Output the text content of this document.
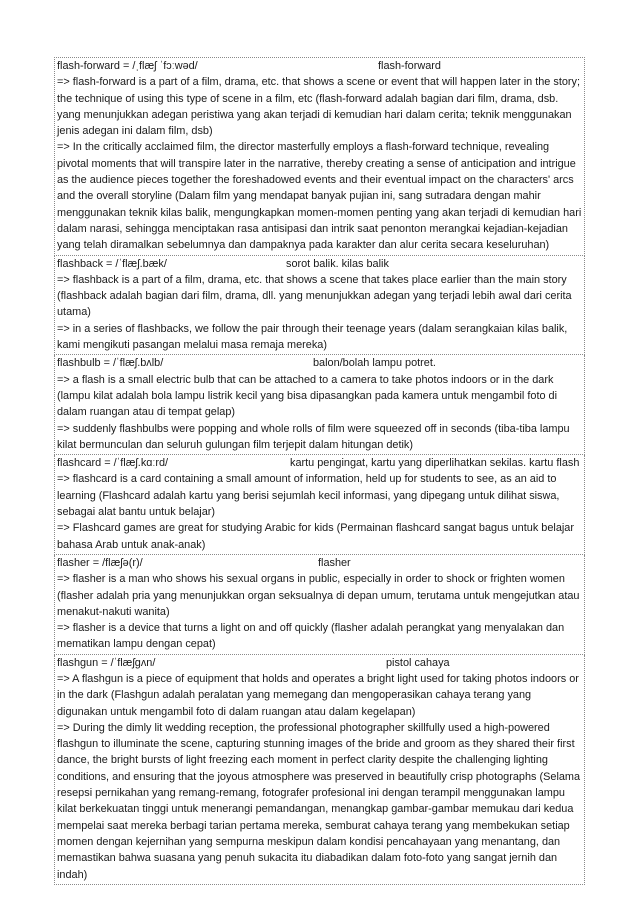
flash-forward = /ˌflæʃ ˈfɔːwəd/	flash-forward

=> flash-forward is a part of a film, drama, etc. that shows a scene or event that will happen later in the story; the technique of using this type of scene in a film, etc (flash-forward adalah bagian dari film, drama, dsb. yang menunjukkan adegan peristiwa yang akan terjadi di kemudian hari dalam cerita; teknik menggunakan jenis adegan ini dalam film, dsb)

=> In the critically acclaimed film, the director masterfully employs a flash-forward technique, revealing pivotal moments that will transpire later in the narrative, thereby creating a sense of anticipation and intrigue as the audience pieces together the foreshadowed events and their eventual impact on the characters' arcs and the overall storyline (Dalam film yang mendapat banyak pujian ini, sang sutradara dengan mahir menggunakan teknik kilas balik, mengungkapkan momen-momen penting yang akan terjadi di kemudian hari dalam narasi, sehingga menciptakan rasa antisipasi dan intrik saat penonton merangkai kejadian-kejadian yang telah diramalkan sebelumnya dan dampaknya pada karakter dan alur cerita secara keseluruhan)

flashback = /ˈflæʃ.bæk/	sorot balik. kilas balik

=> flashback is a part of a film, drama, etc. that shows a scene that takes place earlier than the main story (flashback adalah bagian dari film, drama, dll. yang menunjukkan adegan yang terjadi lebih awal dari cerita utama)

=> in a series of flashbacks, we follow the pair through their teenage years (dalam serangkaian kilas balik, kami mengikuti pasangan melalui masa remaja mereka)

flashbulb = /ˈflæʃ.bʌlb/	balon/bolah lampu potret.

=> a flash is a small electric bulb that can be attached to a camera to take photos indoors or in the dark (lampu kilat adalah bola lampu listrik kecil yang bisa dipasangkan pada kamera untuk mengambil foto di dalam ruangan atau di tempat gelap)

=> suddenly flashbulbs were popping and whole rolls of film were squeezed off in seconds (tiba-tiba lampu kilat bermunculan dan seluruh gulungan film terjepit dalam hitungan detik)

flashcard = /ˈflæʃ.kɑːrd/	kartu pengingat, kartu yang diperlihatkan sekilas. kartu flash

=> flashcard is a card containing a small amount of information, held up for students to see, as an aid to learning (Flashcard adalah kartu yang berisi sejumlah kecil informasi, yang dipegang untuk dilihat siswa, sebagai alat bantu untuk belajar)

=> Flashcard games are great for studying Arabic for kids (Permainan flashcard sangat bagus untuk belajar bahasa Arab untuk anak-anak)

flasher = /flæʃə(r)/	flasher

=> flasher is a man who shows his sexual organs in public, especially in order to shock or frighten women (flasher adalah pria yang menunjukkan organ seksualnya di depan umum, terutama untuk mengejutkan atau menakut-nakuti wanita)

=> flasher is a device that turns a light on and off quickly (flasher adalah perangkat yang menyalakan dan mematikan lampu dengan cepat)

flashgun = /ˈflæʃɡʌn/	pistol cahaya

=> A flashgun is a piece of equipment that holds and operates a bright light used for taking photos indoors or in the dark (Flashgun adalah peralatan yang memegang dan mengoperasikan cahaya terang yang digunakan untuk mengambil foto di dalam ruangan atau dalam kegelapan)

=> During the dimly lit wedding reception, the professional photographer skillfully used a high-powered flashgun to illuminate the scene, capturing stunning images of the bride and groom as they shared their first dance, the bright bursts of light freezing each moment in perfect clarity despite the challenging lighting conditions, and ensuring that the joyous atmosphere was preserved in beautifully crisp photographs (Selama resepsi pernikahan yang remang-remang, fotografer profesional ini dengan terampil menggunakan lampu kilat berkekuatan tinggi untuk menerangi pemandangan, menangkap gambar-gambar memukau dari kedua mempelai saat mereka berbagi tarian pertama mereka, semburat cahaya terang yang membekukan setiap momen dengan kejernihan yang sempurna meskipun dalam kondisi pencahayaan yang menantang, dan memastikan bahwa suasana yang penuh sukacita itu diabadikan dalam foto-foto yang sangat jernih dan indah)
